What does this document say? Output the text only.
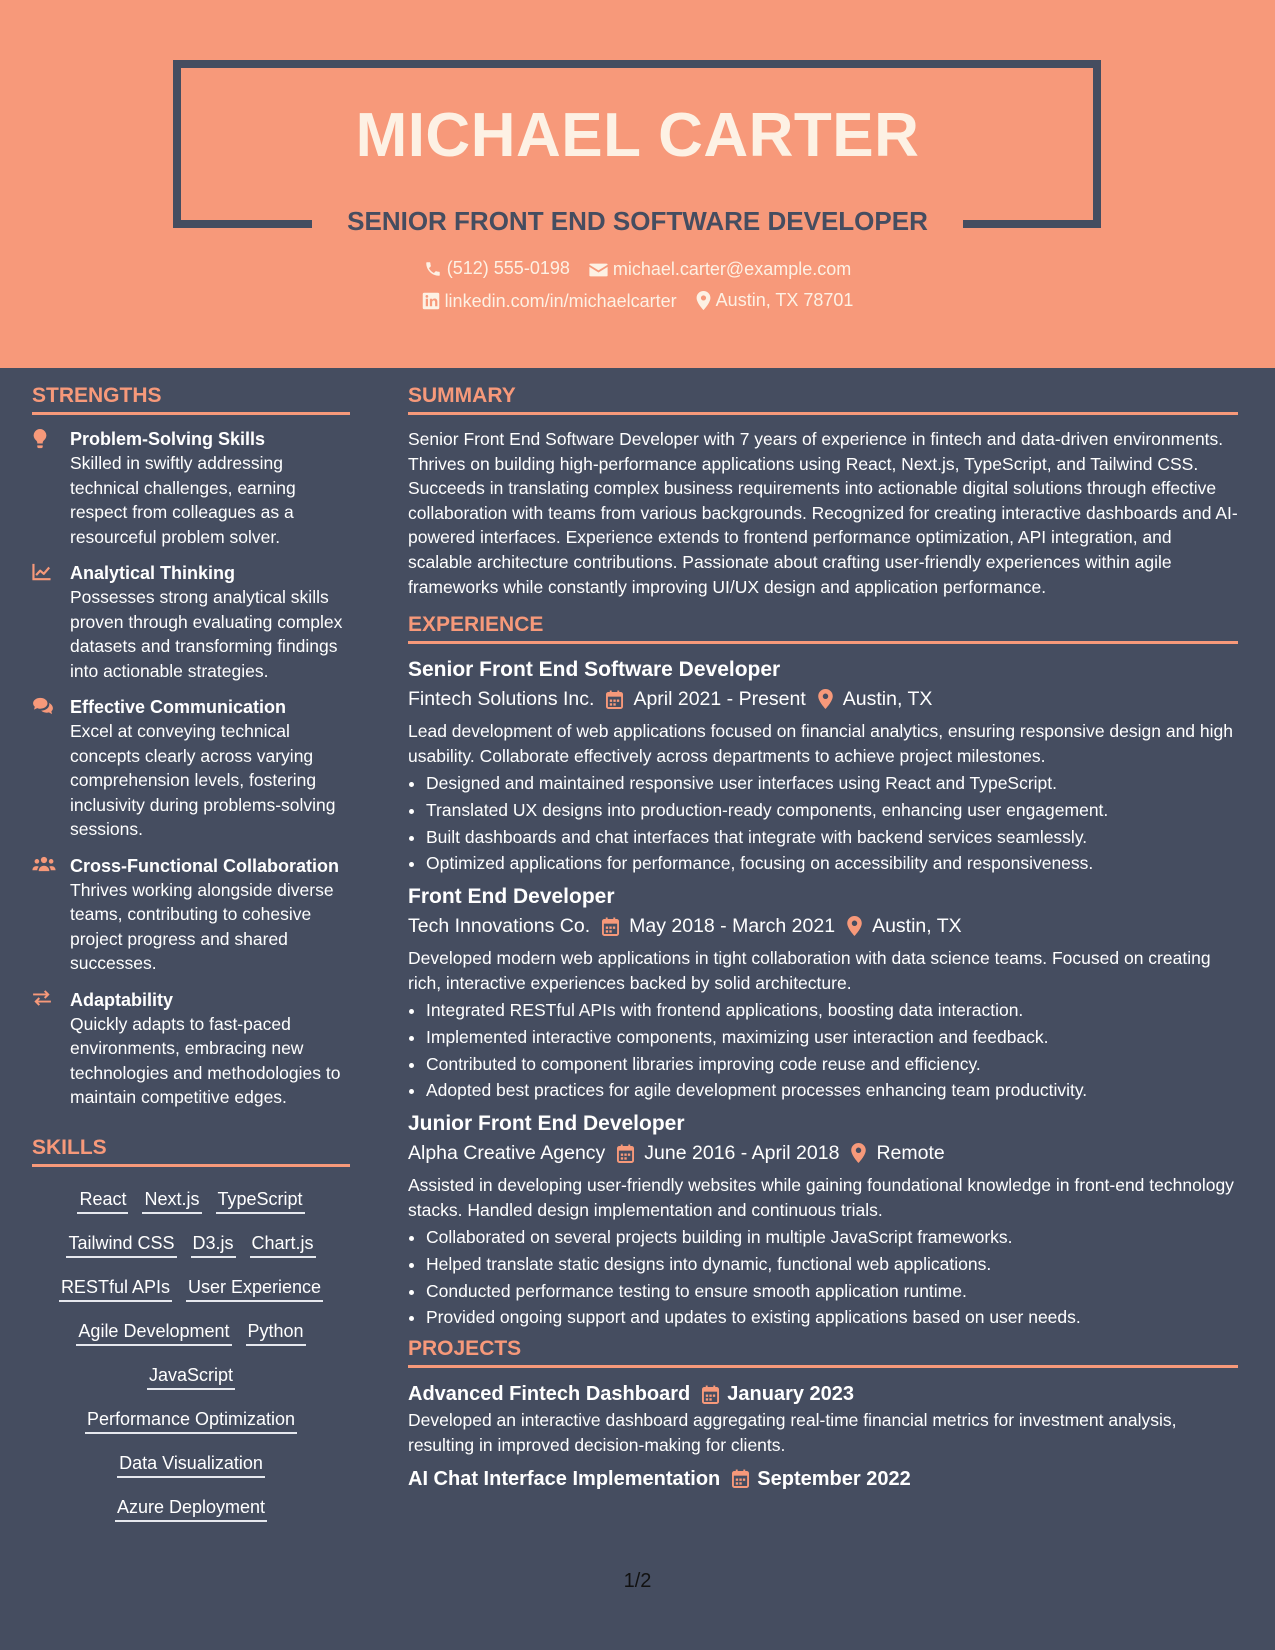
MICHAEL CARTER
SENIOR FRONT END SOFTWARE DEVELOPER
(512) 555-0198
michael.carter@example.com
linkedin.com/in/michaelcarter
Austin, TX 78701
STRENGTHS
Problem-Solving Skills
Skilled in swiftly addressing technical challenges, earning respect from colleagues as a resourceful problem solver.
Analytical Thinking
Possesses strong analytical skills proven through evaluating complex datasets and transforming findings into actionable strategies.
Effective Communication
Excel at conveying technical concepts clearly across varying comprehension levels, fostering inclusivity during problems-solving sessions.
Cross-Functional Collaboration
Thrives working alongside diverse teams, contributing to cohesive project progress and shared successes.
Adaptability
Quickly adapts to fast-paced environments, embracing new technologies and methodologies to maintain competitive edges.
SKILLS
React Next.js TypeScript
Tailwind CSS D3.js Chart.js
RESTful APIs User Experience
Agile Development Python
JavaScript
Performance Optimization
Data Visualization
Azure Deployment
SUMMARY
Senior Front End Software Developer with 7 years of experience in fintech and data-driven environments. Thrives on building high-performance applications using React, Next.js, TypeScript, and Tailwind CSS. Succeeds in translating complex business requirements into actionable digital solutions through effective collaboration with teams from various backgrounds. Recognized for creating interactive dashboards and AI-powered interfaces. Experience extends to frontend performance optimization, API integration, and scalable architecture contributions. Passionate about crafting user-friendly experiences within agile frameworks while constantly improving UI/UX design and application performance.
EXPERIENCE
Senior Front End Software Developer
Fintech Solutions Inc. April 2021 - Present Austin, TX
Lead development of web applications focused on financial analytics, ensuring responsive design and high usability. Collaborate effectively across departments to achieve project milestones.
• Designed and maintained responsive user interfaces using React and TypeScript.
• Translated UX designs into production-ready components, enhancing user engagement.
• Built dashboards and chat interfaces that integrate with backend services seamlessly.
• Optimized applications for performance, focusing on accessibility and responsiveness.
Front End Developer
Tech Innovations Co. May 2018 - March 2021 Austin, TX
Developed modern web applications in tight collaboration with data science teams. Focused on creating rich, interactive experiences backed by solid architecture.
• Integrated RESTful APIs with frontend applications, boosting data interaction.
• Implemented interactive components, maximizing user interaction and feedback.
• Contributed to component libraries improving code reuse and efficiency.
• Adopted best practices for agile development processes enhancing team productivity.
Junior Front End Developer
Alpha Creative Agency June 2016 - April 2018 Remote
Assisted in developing user-friendly websites while gaining foundational knowledge in front-end technology stacks. Handled design implementation and continuous trials.
• Collaborated on several projects building in multiple JavaScript frameworks.
• Helped translate static designs into dynamic, functional web applications.
• Conducted performance testing to ensure smooth application runtime.
• Provided ongoing support and updates to existing applications based on user needs.
PROJECTS
Advanced Fintech Dashboard January 2023
Developed an interactive dashboard aggregating real-time financial metrics for investment analysis, resulting in improved decision-making for clients.
AI Chat Interface Implementation September 2022
1/2
